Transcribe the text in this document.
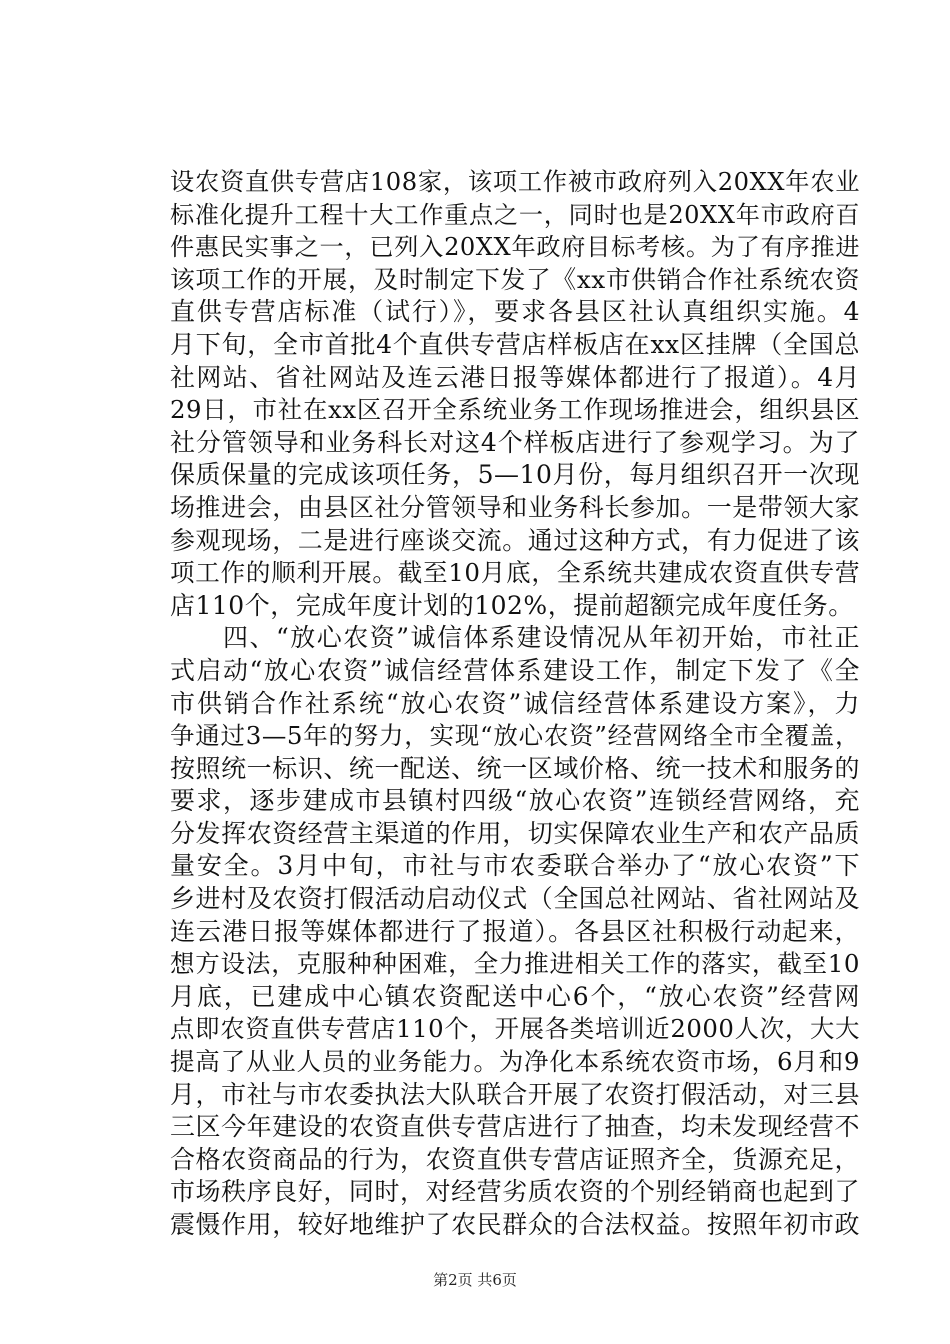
设农资直供专营店108家，该项工作被市政府列入20XX年农业
标准化提升工程十大工作重点之一，同时也是20XX年市政府百
件惠民实事之一，已列入20XX年政府目标考核。为了有序推进
该项工作的开展，及时制定下发了《xx市供销合作社系统农资
直供专营店标准（试行）》，要求各县区社认真组织实施。4
月下旬，全市首批4个直供专营店样板店在xx区挂牌（全国总
社网站、省社网站及连云港日报等媒体都进行了报道）。4月
29日，市社在xx区召开全系统业务工作现场推进会，组织县区
社分管领导和业务科长对这4个样板店进行了参观学习。为了
保质保量的完成该项任务，5—10月份，每月组织召开一次现
场推进会，由县区社分管领导和业务科长参加。一是带领大家
参观现场，二是进行座谈交流。通过这种方式，有力促进了该
项工作的顺利开展。截至10月底，全系统共建成农资直供专营
店110个，完成年度计划的102%，提前超额完成年度任务。
　　四、“放心农资”诚信体系建设情况从年初开始，市社正
式启动“放心农资”诚信经营体系建设工作，制定下发了《全
市供销合作社系统“放心农资”诚信经营体系建设方案》，力
争通过3—5年的努力，实现“放心农资”经营网络全市全覆盖，
按照统一标识、统一配送、统一区域价格、统一技术和服务的
要求，逐步建成市县镇村四级“放心农资”连锁经营网络，充
分发挥农资经营主渠道的作用，切实保障农业生产和农产品质
量安全。3月中旬，市社与市农委联合举办了“放心农资”下
乡进村及农资打假活动启动仪式（全国总社网站、省社网站及
连云港日报等媒体都进行了报道）。各县区社积极行动起来，
想方设法，克服种种困难，全力推进相关工作的落实，截至10
月底，已建成中心镇农资配送中心6个，“放心农资”经营网
点即农资直供专营店110个，开展各类培训近2000人次，大大
提高了从业人员的业务能力。为净化本系统农资市场，6月和9
月，市社与市农委执法大队联合开展了农资打假活动，对三县
三区今年建设的农资直供专营店进行了抽查，均未发现经营不
合格农资商品的行为，农资直供专营店证照齐全，货源充足，
市场秩序良好，同时，对经营劣质农资的个别经销商也起到了
震慑作用，较好地维护了农民群众的合法权益。按照年初市政
第2页 共6页
